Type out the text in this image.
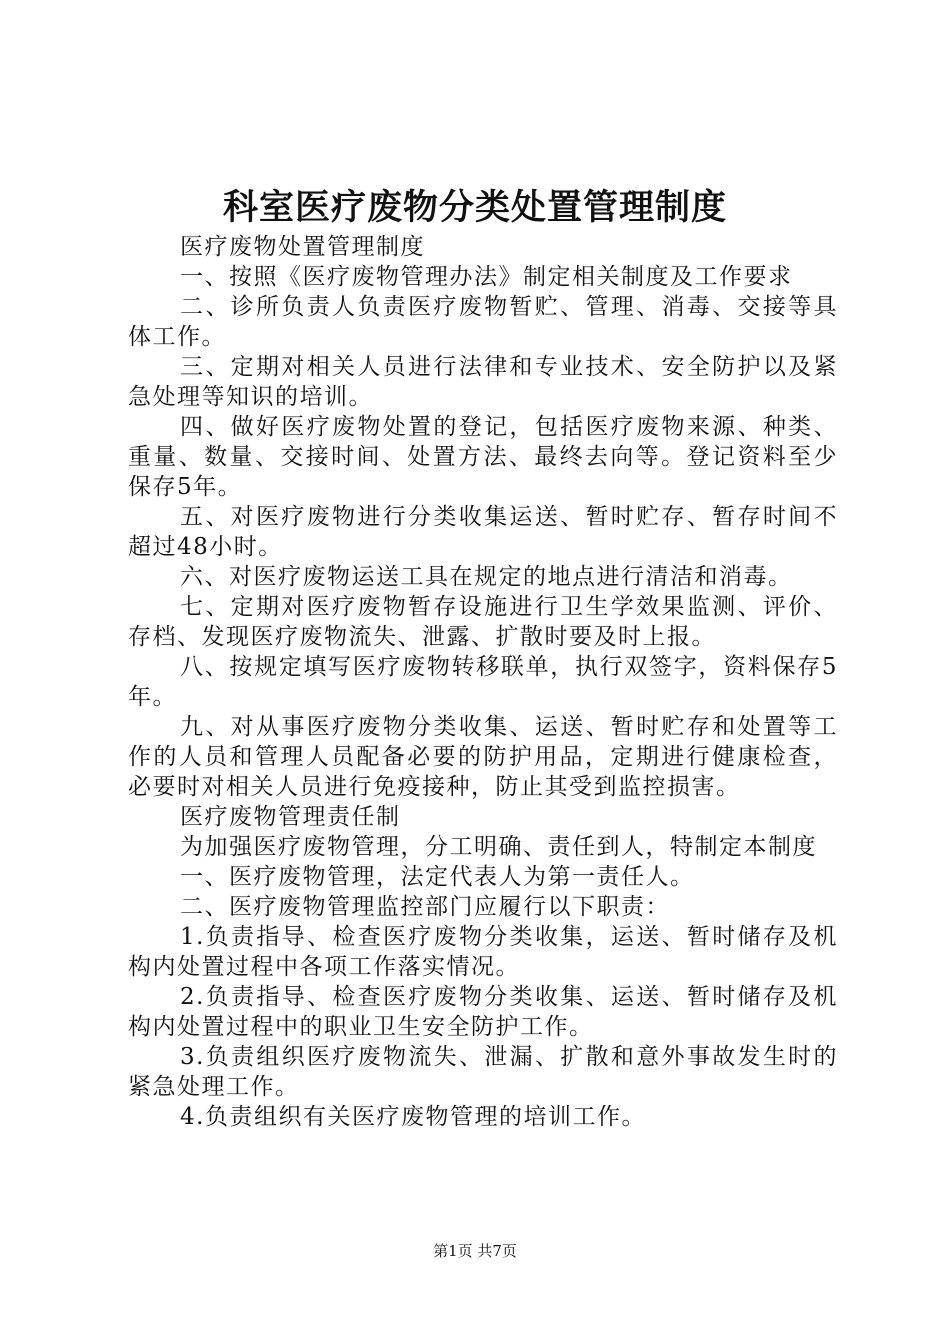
科室医疗废物分类处置管理制度

医疗废物处置管理制度

一、按照《医疗废物管理办法》制定相关制度及工作要求

二、诊所负责人负责医疗废物暂贮、管理、消毒、交接等具体工作。

三、定期对相关人员进行法律和专业技术、安全防护以及紧急处理等知识的培训。

四、做好医疗废物处置的登记，包括医疗废物来源、种类、重量、数量、交接时间、处置方法、最终去向等。登记资料至少保存5年。

五、对医疗废物进行分类收集运送、暂时贮存、暂存时间不超过48小时。

六、对医疗废物运送工具在规定的地点进行清洁和消毒。

七、定期对医疗废物暂存设施进行卫生学效果监测、评价、存档、发现医疗废物流失、泄露、扩散时要及时上报。

八、按规定填写医疗废物转移联单，执行双签字，资料保存5年。

九、对从事医疗废物分类收集、运送、暂时贮存和处置等工作的人员和管理人员配备必要的防护用品，定期进行健康检查，必要时对相关人员进行免疫接种，防止其受到监控损害。

医疗废物管理责任制

为加强医疗废物管理，分工明确、责任到人，特制定本制度

一、医疗废物管理，法定代表人为第一责任人。

二、医疗废物管理监控部门应履行以下职责：

1.负责指导、检查医疗废物分类收集，运送、暂时储存及机构内处置过程中各项工作落实情况。

2.负责指导、检查医疗废物分类收集、运送、暂时储存及机构内处置过程中的职业卫生安全防护工作。

3.负责组织医疗废物流失、泄漏、扩散和意外事故发生时的紧急处理工作。

4.负责组织有关医疗废物管理的培训工作。

第1页 共7页
